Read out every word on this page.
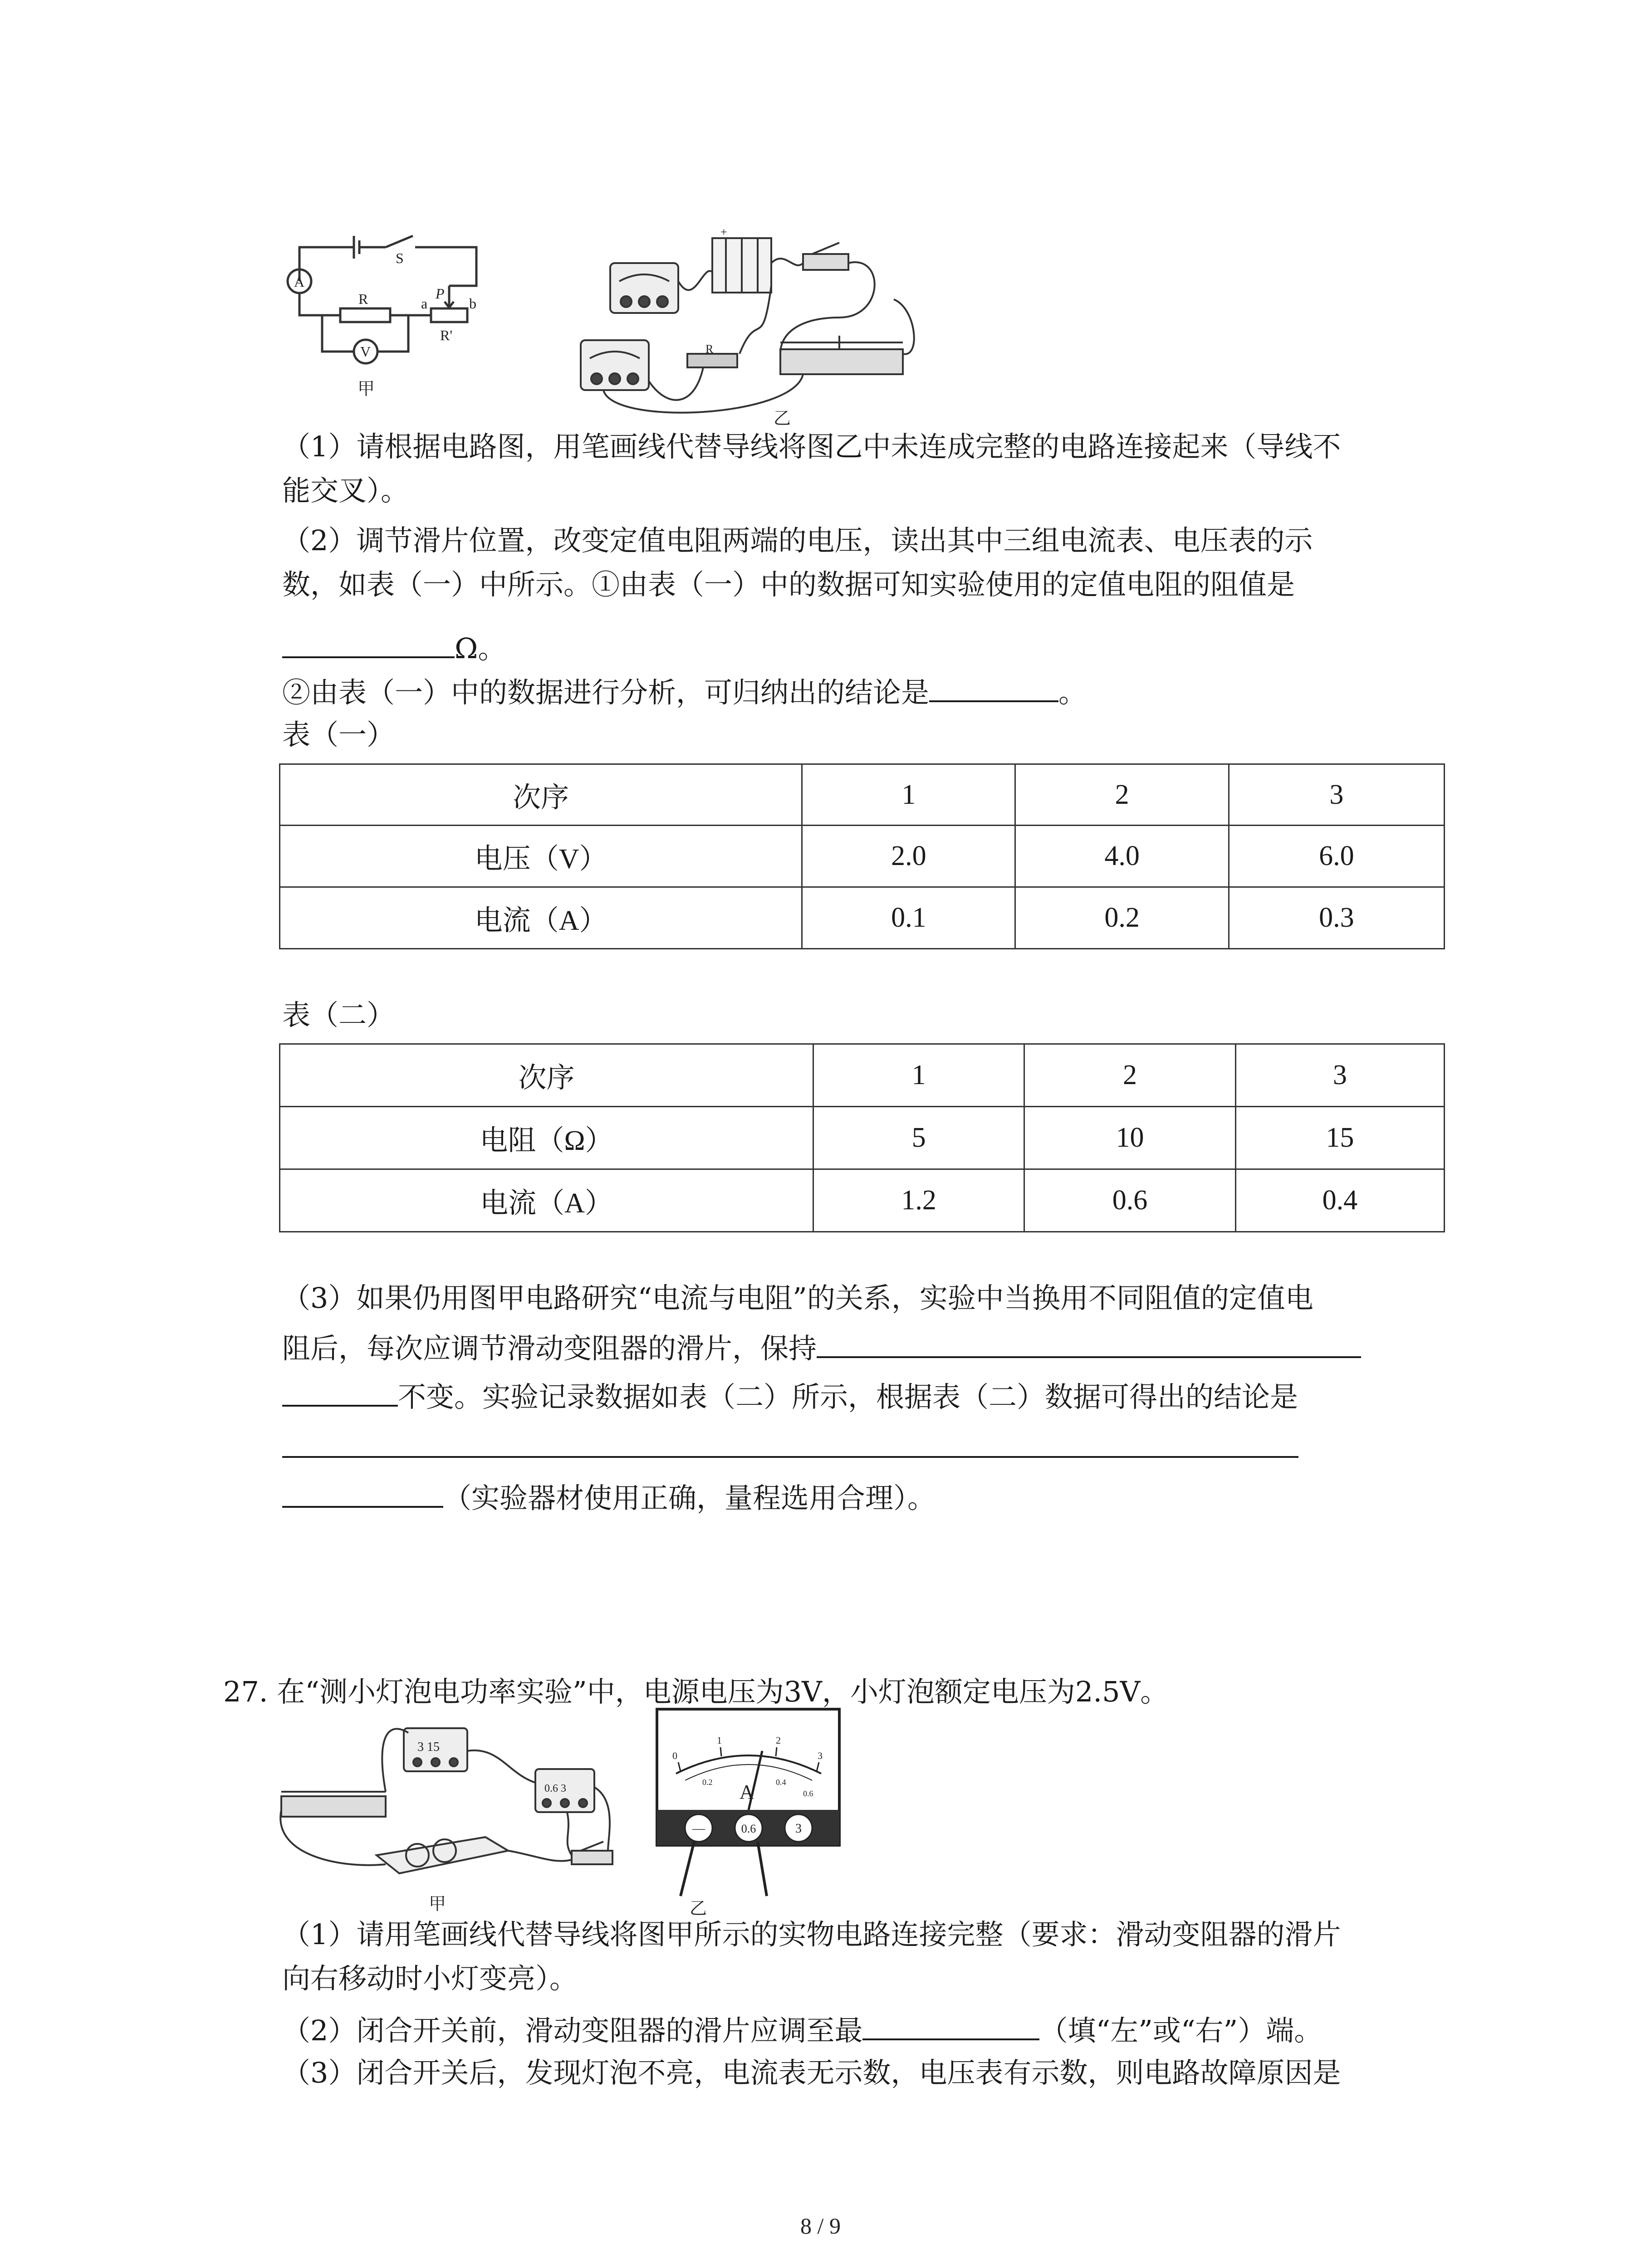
A
V
S
R
R'
P
a	b
甲
R
+
乙
（1）请根据电路图，用笔画线代替导线将图乙中未连成完整的电路连接起来（导线不
能交叉）。
（2）调节滑片位置，改变定值电阻两端的电压，读出其中三组电流表、电压表的示
数，如表（一）中所示。①由表（一）中的数据可知实验使用的定值电阻的阻值是
Ω。
②由表（一）中的数据进行分析，可归纳出的结论是	。
表（一）
次序	1	2	3
电压（V）	2.0	4.0	6.0
电流（A）	0.1	0.2	0.3
表（二）
次序	1	2	3
电阻（Ω）	5	10	15
电流（A）	1.2	0.6	0.4
（3）如果仍用图甲电路研究“电流与电阻”的关系，实验中当换用不同阻值的定值电
阻后，每次应调节滑动变阻器的滑片，保持
不变。实验记录数据如表（二）所示，根据表（二）数据可得出的结论是
（实验器材使用正确，量程选用合理）。
27. 在“测小灯泡电功率实验”中，电源电压为3V，小灯泡额定电压为2.5V。
3 15
0.6 3
甲
0
1	2
3
0.2	0.4
0.6
A
—	0.6	3
乙
（1）请用笔画线代替导线将图甲所示的实物电路连接完整（要求：滑动变阻器的滑片
向右移动时小灯变亮）。
（2）闭合开关前，滑动变阻器的滑片应调至最	（填“左”或“右”）端。
（3）闭合开关后，发现灯泡不亮，电流表无示数，电压表有示数，则电路故障原因是
8 / 9
